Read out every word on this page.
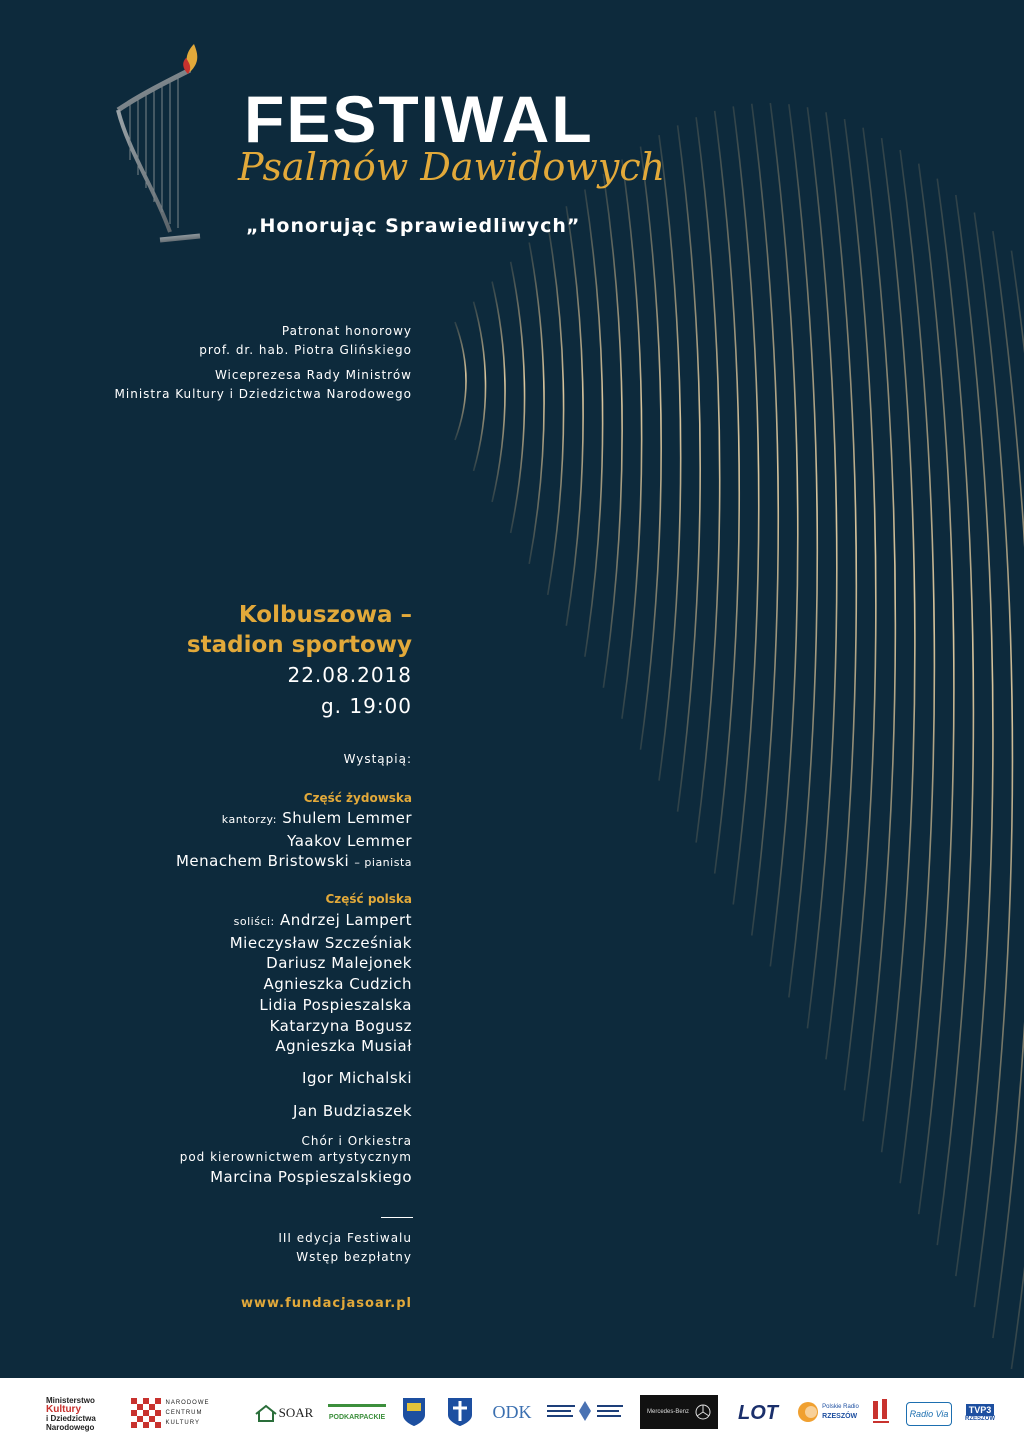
FESTIWAL
Psalmów Dawidowych
„Honorując Sprawiedliwych”
Patronat honorowy
prof. dr. hab. Piotra Glińskiego
Wiceprezesa Rady Ministrów
Ministra Kultury i Dziedzictwa Narodowego
Kolbuszowa –
stadion sportowy
22.08.2018
g. 19:00
Wystąpią:
Część żydowska
kantorzy: Shulem Lemmer
Yaakov Lemmer
Menachem Bristowski – pianista
Część polska
soliści: Andrzej Lampert
Mieczysław Szcześniak
Dariusz Malejonek
Agnieszka Cudzich
Lidia Pospieszalska
Katarzyna Bogusz
Agnieszka Musiał
Igor Michalski
Jan Budziaszek
Chór i Orkiestra
pod kierownictwem artystycznym
Marcina Pospieszalskiego
III edycja Festiwalu
Wstęp bezpłatny
www.fundacjasoar.pl
Ministerstwo
Kultury
i Dziedzictwa
Narodowego
NARODOWE
CENTRUM
KULTURY
SOAR PODKARPACKIE	ODK	Mercedes-Benz LOT	Polskie Radio
RZESZÓW	Radio Via	TVP3
RZESZÓW
